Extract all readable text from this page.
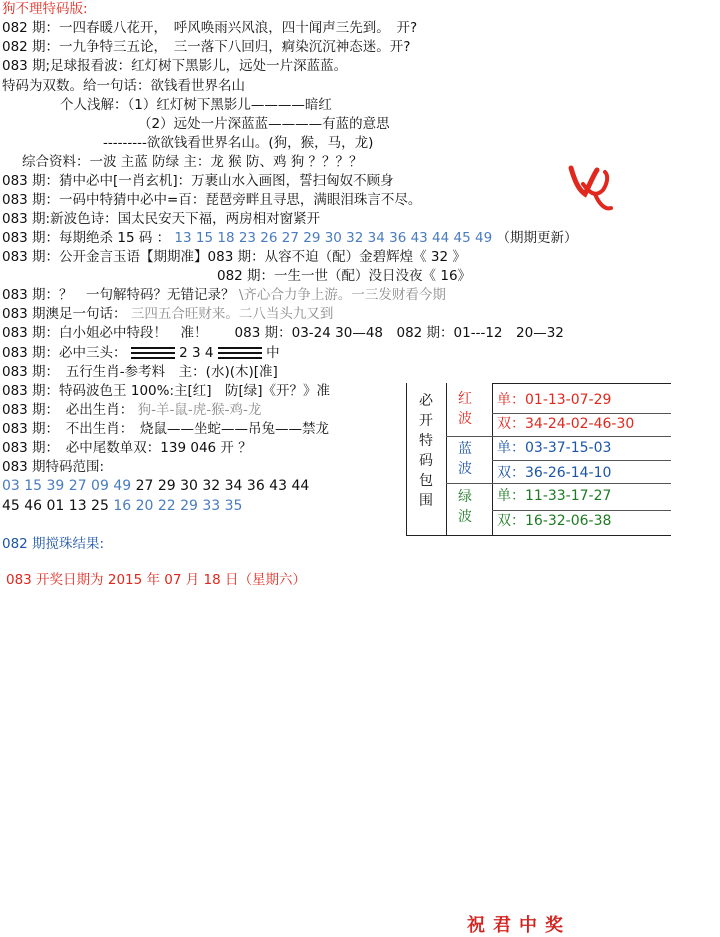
狗不理特码版:
082 期：一四春暖八花开，　呼风唤雨兴风浪，四十闻声三先到。　开?
082 期：一九争特三五论，　三一落下八回归，痾染沉沉神态迷。开?
083 期;足球报看波：红灯树下黑影儿，远处一片深蓝蓝。
特码为双数。给一句话：欲钱看世界名山
个人浅解：（1）红灯树下黑影儿————暗红
（2）远处一片深蓝蓝————有蓝的意思
---------欲欲钱看世界名山。(狗，猴，马，龙)
综合资料：一波 主蓝 防绿 主：龙 猴 防、鸡 狗 ？？？？
083 期：猜中必中[一肖玄机]：万裹山水入画图，誓扫匈奴不顾身
083 期：一码中特猜中必中=百：琵琶旁畔且寻思，满眼泪珠言不尽。
083 期:新波色诗：国太民安天下福，两房相对窗紧开
083 期：每期绝杀 15 码 ： 13 15 18 23 26 27 29 30 32 34 36 43 44 45 49 （期期更新）
083 期：公开金言玉语【期期准】083 期：从容不迫（配）金碧辉煌《 32 》
082 期：一生一世（配）没日没夜《 16》
083 期：？　一句解特码？无错记录？ \齐心合力争上游。一三发财看今期
083 期澳足一句话： 三四五合旺财来。二八当头九又到
083 期：白小姐必中特段！　准！　　083 期：03-24 30—48　082 期：01---12　20—32
083 期：必中三头：	2 3 4	中
083 期：　五行生肖-参考料　主：(水)(木)[准]
083 期：特码波色王 100%:主[红]　防[绿]《开？》准
083 期：　必出生肖： 狗-羊-鼠-虎-猴-鸡-龙
083 期：　不出生肖：　烧鼠——坐蛇——吊兔——禁龙
083 期：　必中尾数单双：139 046 开 ？
083 期特码范围:
03 15 39 27 09 49 27 29 30 32 34 36 43 44
45 46 01 13 25 16 20 22 29 33 35
082 期搅珠结果:
083 开奖日期为 2015 年 07 月 18 日（星期六）
必
开
特
码
包
围
红
波
蓝
波
绿
波
单：01-13-07-29
双：34-24-02-46-30
单：03-37-15-03
双：36-26-14-10
单：11-33-17-27
双：16-32-06-38
祝君中奖
